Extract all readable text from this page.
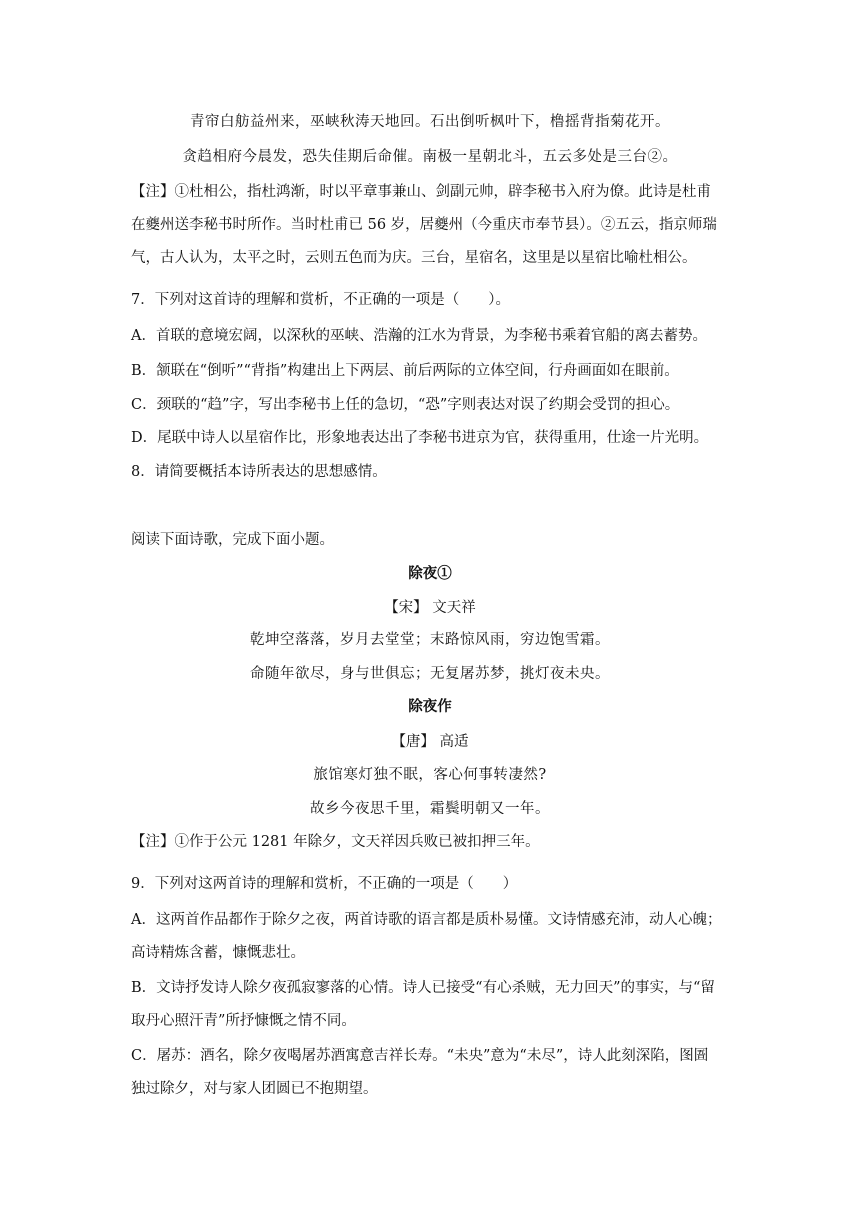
青帘白舫益州来，巫峡秋涛天地回。石出倒听枫叶下，橹摇背指菊花开。
贪趋相府今晨发，恐失佳期后命催。南极一星朝北斗，五云多处是三台②。
【注】①杜相公，指杜鸿渐，时以平章事兼山、剑副元帅，辟李秘书入府为僚。此诗是杜甫
在夔州送李秘书时所作。当时杜甫已 56 岁，居夔州（今重庆市奉节县）。②五云，指京师瑞
气，古人认为，太平之时，云则五色而为庆。三台，星宿名，这里是以星宿比喻杜相公。
7．下列对这首诗的理解和赏析，不正确的一项是（　　）。
A．首联的意境宏阔，以深秋的巫峡、浩瀚的江水为背景，为李秘书乘着官船的离去蓄势。
B．颔联在“倒听”“背指”构建出上下两层、前后两际的立体空间，行舟画面如在眼前。
C．颈联的“趋”字，写出李秘书上任的急切，“恐”字则表达对误了约期会受罚的担心。
D．尾联中诗人以星宿作比，形象地表达出了李秘书进京为官，获得重用，仕途一片光明。
8．请简要概括本诗所表达的思想感情。
阅读下面诗歌，完成下面小题。
除夜①
【宋】 文天祥
乾坤空落落，岁月去堂堂；末路惊风雨，穷边饱雪霜。
命随年欲尽，身与世俱忘；无复屠苏梦，挑灯夜未央。
除夜作
【唐】 高适
旅馆寒灯独不眠，客心何事转凄然?
故乡今夜思千里，霜鬓明朝又一年。
【注】①作于公元 1281 年除夕，文天祥因兵败已被扣押三年。
9．下列对这两首诗的理解和赏析，不正确的一项是（　　）
A．这两首作品都作于除夕之夜，两首诗歌的语言都是质朴易懂。文诗情感充沛，动人心魄；
高诗精炼含蓄，慷慨悲壮。
B．文诗抒发诗人除夕夜孤寂寥落的心情。诗人已接受“有心杀贼，无力回天”的事实，与“留
取丹心照汗青”所抒慷慨之情不同。
C．屠苏：酒名，除夕夜喝屠苏酒寓意吉祥长寿。“未央”意为“未尽”，诗人此刻深陷，图圄
独过除夕，对与家人团圆已不抱期望。
